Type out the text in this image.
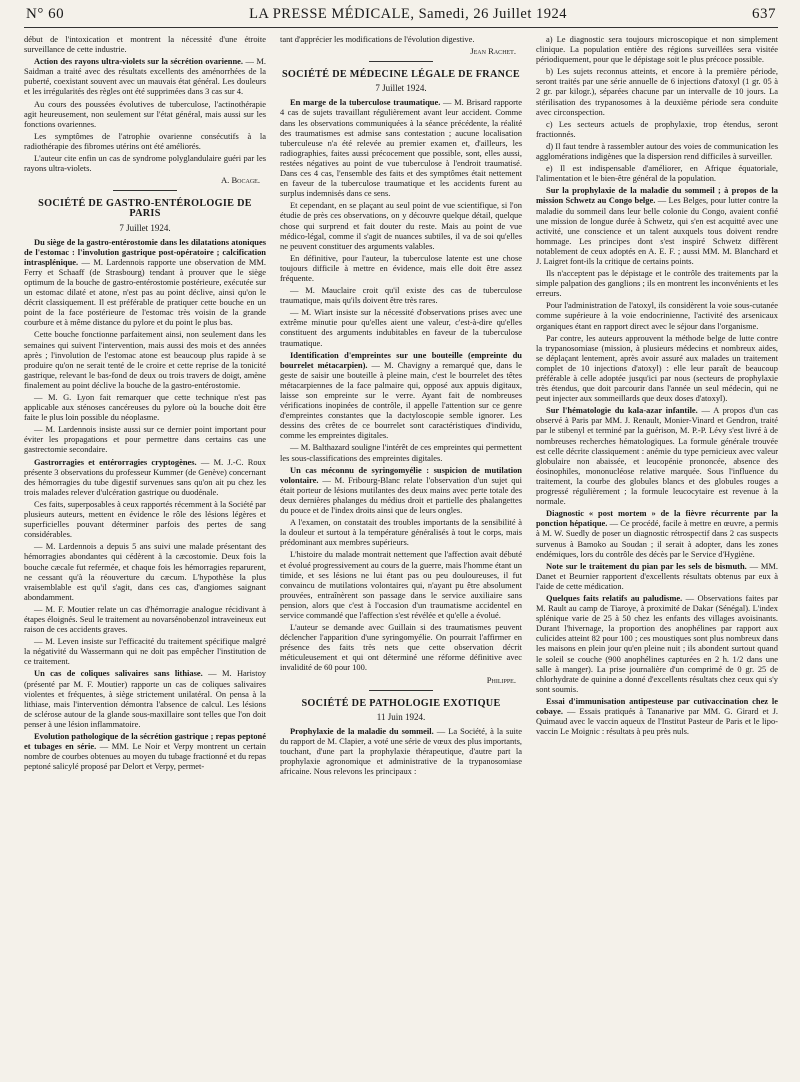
N° 60	LA PRESSE MÉDICALE, Samedi, 26 Juillet 1924	637

début de l'intoxication et montrent la nécessité d'une étroite surveillance de cette industrie.

Action des rayons ultra-violets sur la sécrétion ovarienne. — M. Saidman a traité avec des résultats excellents des aménorrhées de la puberté, coexistant souvent avec un mauvais état général. Les douleurs et les irrégularités des règles ont été supprimées dans 3 cas sur 4.

Au cours des poussées évolutives de tuberculose, l'actinothérapie agit heureusement, non seulement sur l'état général, mais aussi sur les fonctions ovariennes.

Les symptômes de l'atrophie ovarienne consécutifs à la radiothérapie des fibromes utérins ont été améliorés.

L'auteur cite enfin un cas de syndrome polyglandulaire guéri par les rayons ultra-violets.

A. Bocage.
SOCIÉTÉ DE GASTRO-ENTÉROLOGIE DE PARIS
7 Juillet 1924.

Du siège de la gastro-entérostomie dans les dilatations atoniques de l'estomac : l'involution gastrique post-opératoire ; calcification intrasplénique. — M. Lardennois rapporte une observation de MM. Ferry et Schaaff (de Strasbourg) tendant à prouver que le siège optimum de la bouche de gastro-entérostomie postérieure, exécutée sur un estomac dilaté et atone, n'est pas au point déclive, ainsi qu'on le décrit classiquement. Il est préférable de pratiquer cette bouche en un point de la face postérieure de l'estomac très voisin de la grande courbure et à même distance du pylore et du point le plus bas.

Cette bouche fonctionne parfaitement ainsi, non seulement dans les semaines qui suivent l'intervention, mais aussi des mois et des années après ; l'involution de l'estomac atone est beaucoup plus rapide à se produire qu'on ne serait tenté de le croire et cette reprise de la tonicité gastrique, relevant le bas-fond de deux ou trois travers de doigt, amène finalement au point déclive la bouche de la gastro-entérostomie.

— M. G. Lyon fait remarquer que cette technique n'est pas applicable aux sténoses cancéreuses du pylore où la bouche doit être faite le plus loin possible du néoplasme.

— M. Lardennois insiste aussi sur ce dernier point important pour éviter les propagations et pour permettre dans certains cas une gastrectomie secondaire.

Gastrorragies et entérorragies cryptogènes. — M. J.-C. Roux présente 3 observations du professeur Kummer (de Genève) concernant des hémorragies du tube digestif survenues sans qu'on ait pu chez les trois malades relever d'ulcération gastrique ou duodénale.

Ces faits, superposables à ceux rapportés récemment à la Société par plusieurs auteurs, mettent en évidence le rôle des lésions légères et superficielles pouvant déterminer parfois des pertes de sang considérables.

— M. Lardennois a depuis 5 ans suivi une malade présentant des hémorragies abondantes qui cédèrent à la cæcostomie. Deux fois la bouche cæcale fut refermée, et chaque fois les hémorragies reparurent, ne cessant qu'à la réouverture du cæcum. L'hypothèse la plus vraisemblable est qu'il s'agit, dans ces cas, d'angiomes saignant abondamment.

— M. F. Moutier relate un cas d'hémorragie analogue récidivant à étapes éloignés. Seul le traitement au novarsénobenzol intraveineux eut raison de ces accidents graves.

— M. Leven insiste sur l'efficacité du traitement spécifique malgré la négativité du Wassermann qui ne doit pas empêcher l'institution de ce traitement.

Un cas de coliques salivaires sans lithiase. — M. Haristoy (présenté par M. F. Moutier) rapporte un cas de coliques salivaires violentes et fréquentes, à siège strictement unilatéral. On pensa à la lithiase, mais l'intervention démontra l'absence de calcul. Les lésions de sclérose autour de la glande sous-maxillaire sont telles que l'on doit penser à une lésion inflammatoire.

Evolution pathologique de la sécrétion gastrique ; repas peptoné et tubages en série. — MM. Le Noir et Verpy montrent un certain nombre de courbes obtenues au moyen du tubage fractionné et du repas peptoné salicylé proposé par Delort et Verpy, permet-

tant d'apprécier les modifications de l'évolution digestive.

Jean Rachet.
SOCIÉTÉ DE MÉDECINE LÉGALE DE FRANCE
7 Juillet 1924.

En marge de la tuberculose traumatique. — M. Brisard rapporte 4 cas de sujets travaillant régulièrement avant leur accident. Comme dans les observations communiquées à la séance précédente, la réalité des traumatismes est admise sans contestation ; aucune localisation tuberculeuse n'a été relevée au premier examen et, d'ailleurs, les radiographies, faites aussi précocement que possible, sont, elles aussi, restées négatives au point de vue tuberculose à l'endroit traumatisé. Dans ces 4 cas, l'ensemble des faits et des symptômes était nettement en faveur de la tuberculose traumatique et les accidents furent au surplus indemnisés dans ce sens.

Et cependant, en se plaçant au seul point de vue scientifique, si l'on étudie de près ces observations, on y découvre quelque détail, quelque chose qui surprend et fait douter du reste. Mais au point de vue médico-légal, comme il s'agit de nuances subtiles, il va de soi qu'elles ne peuvent constituer des arguments valables.

En définitive, pour l'auteur, la tuberculose latente est une chose toujours difficile à mettre en évidence, mais elle doit être assez fréquente.

— M. Mauclaire croit qu'il existe des cas de tuberculose traumatique, mais qu'ils doivent être très rares.

— M. Wiart insiste sur la nécessité d'observations prises avec une extrême minutie pour qu'elles aient une valeur, c'est-à-dire qu'elles constituent des arguments indubitables en faveur de la tuberculose traumatique.

Identification d'empreintes sur une bouteille (empreinte du bourrelet métacarpien). — M. Chavigny a remarqué que, dans le geste de saisir une bouteille à pleine main, c'est le bourrelet des têtes métacarpiennes de la face palmaire qui, opposé aux appuis digitaux, laisse son empreinte sur le verre. Ayant fait de nombreuses vérifications inopinées de contrôle, il appelle l'attention sur ce genre d'empreintes constantes que la dactyloscopie semble ignorer. Les dessins des crêtes de ce bourrelet sont caractéristiques d'individu, comme les empreintes digitales.

— M. Balthazard souligne l'intérêt de ces empreintes qui permettent les sous-classifications des empreintes digitales.

Un cas méconnu de syringomyélie : suspicion de mutilation volontaire. — M. Fribourg-Blanc relate l'observation d'un sujet qui était porteur de lésions mutilantes des deux mains avec perte totale des deux dernières phalanges du médius droit et partielle des phalangettes du pouce et de l'index droits ainsi que de leurs ongles.

A l'examen, on constatait des troubles importants de la sensibilité à la douleur et surtout à la température généralisés à tout le corps, mais prédominant aux membres supérieurs.

L'histoire du malade montrait nettement que l'affection avait débuté et évolué progressivement au cours de la guerre, mais l'homme étant un timide, et ses lésions ne lui étant pas ou peu douloureuses, il fut convaincu de mutilations volontaires qui, n'ayant pu être absolument prouvées, entraînèrent son passage dans le service auxiliaire sans pension, alors que c'est à l'occasion d'un traumatisme accidentel en service commandé que l'affection s'est révélée et qu'elle a évolué.

L'auteur se demande avec Guillain si des traumatismes peuvent déclencher l'apparition d'une syringomyélie. On pourrait l'affirmer en présence des faits très nets que cette observation décrit méticuleusement et qui ont déterminé une réforme définitive avec invalidité de 60 pour 100.

Philippe.
SOCIÉTÉ DE PATHOLOGIE EXOTIQUE
11 Juin 1924.

Prophylaxie de la maladie du sommeil. — La Société, à la suite du rapport de M. Clapier, a voté une série de vœux des plus importants, touchant, d'une part la prophylaxie thérapeutique, d'autre part la prophylaxie agronomique et administrative de la trypanosomiase africaine. Nous relevons les principaux :

a) Le diagnostic sera toujours microscopique et non simplement clinique. La population entière des régions surveillées sera visitée périodiquement, pour que le dépistage soit le plus précoce possible.

b) Les sujets reconnus atteints, et encore à la première période, seront traités par une série annuelle de 6 injections d'atoxyl (1 gr. 05 à 2 gr. par kilogr.), séparées chacune par un intervalle de 10 jours. La stérilisation des trypanosomes à la deuxième période sera conduite avec circonspection.

c) Les secteurs actuels de prophylaxie, trop étendus, seront fractionnés.

d) Il faut tendre à rassembler autour des voies de communication les agglomérations indigènes que la dispersion rend difficiles à surveiller.

e) Il est indispensable d'améliorer, en Afrique équatoriale, l'alimentation et le bien-être général de la population.

Sur la prophylaxie de la maladie du sommeil ; à propos de la mission Schwetz au Congo belge. — Les Belges, pour lutter contre la maladie du sommeil dans leur belle colonie du Congo, avaient confié une mission de longue durée à Schwetz, qui s'en est acquitté avec une activité, une conscience et un talent auxquels tous doivent rendre hommage. Les principes dont s'est inspiré Schwetz diffèrent notablement de ceux adoptés en A. E. F. ; aussi MM. M. Blanchard et J. Laigret font-ils la critique de certains points.

Ils n'acceptent pas le dépistage et le contrôle des traitements par la simple palpation des ganglions ; ils en montrent les inconvénients et les erreurs.

Pour l'administration de l'atoxyl, ils considèrent la voie sous-cutanée comme supérieure à la voie endocrinienne, l'activité des arsenicaux organiques étant en rapport direct avec le séjour dans l'organisme.

Par contre, les auteurs approuvent la méthode belge de lutte contre la trypanosomiase (mission, à plusieurs médecins et nombreux aides, se déplaçant lentement, après avoir assuré aux malades un traitement complet de 10 injections d'atoxyl) : elle leur paraît de beaucoup préférable à celle adoptée jusqu'ici par nous (secteurs de prophylaxie très étendus, que doit parcourir dans l'année un seul médecin, qui ne peut injecter aux sommeillards que deux doses d'atoxyl).

Sur l'hématologie du kala-azar infantile. — A propos d'un cas observé à Paris par MM. J. Renault, Monier-Vinard et Gendron, traité par le stibenyl et terminé par la guérison, M. P.-P. Lévy s'est livré à de nombreuses recherches hématologiques. La formule générale trouvée est celle décrite classiquement : anémie du type pernicieux avec valeur globulaire non abaissée, et leucopénie prononcée, absence des éosinophiles, mononucléose relative marquée. Sous l'influence du traitement, la courbe des globules blancs et des globules rouges a progressé régulièrement ; la formule leucocytaire est revenue à la normale.

Diagnostic « post mortem » de la fièvre récurrente par la ponction hépatique. — Ce procédé, facile à mettre en œuvre, a permis à M. W. Suedly de poser un diagnostic rétrospectif dans 2 cas suspects survenus à Bamoko au Soudan ; il serait à adopter, dans les zones endémiques, lors du contrôle des décès par le Service d'Hygiène.

Note sur le traitement du pian par les sels de bismuth. — MM. Danet et Beurnier rapportent d'excellents résultats obtenus par eux à l'aide de cette médication.

Quelques faits relatifs au paludisme. — Observations faites par M. Rault au camp de Tiaroye, à proximité de Dakar (Sénégal). L'index splénique varie de 25 à 50 chez les enfants des villages avoisinants. Durant l'hivernage, la proportion des anophélines par rapport aux culicides atteint 82 pour 100 ; ces moustiques sont plus nombreux dans les maisons en plein jour qu'en pleine nuit ; ils abondent surtout quand le soleil se couche (900 anophélines capturées en 2 h. 1/2 dans une salle à manger). La prise journalière d'un comprimé de 0 gr. 25 de chlorhydrate de quinine a donné d'excellents résultats chez ceux qui s'y sont soumis.

Essai d'immunisation antipesteuse par cutivaccination chez le cobaye. — Essais pratiqués à Tananarive par MM. G. Girard et J. Quimaud avec le vaccin aqueux de l'Institut Pasteur de Paris et le lipo-vaccin Le Moignic : résultats à peu près nuls.
